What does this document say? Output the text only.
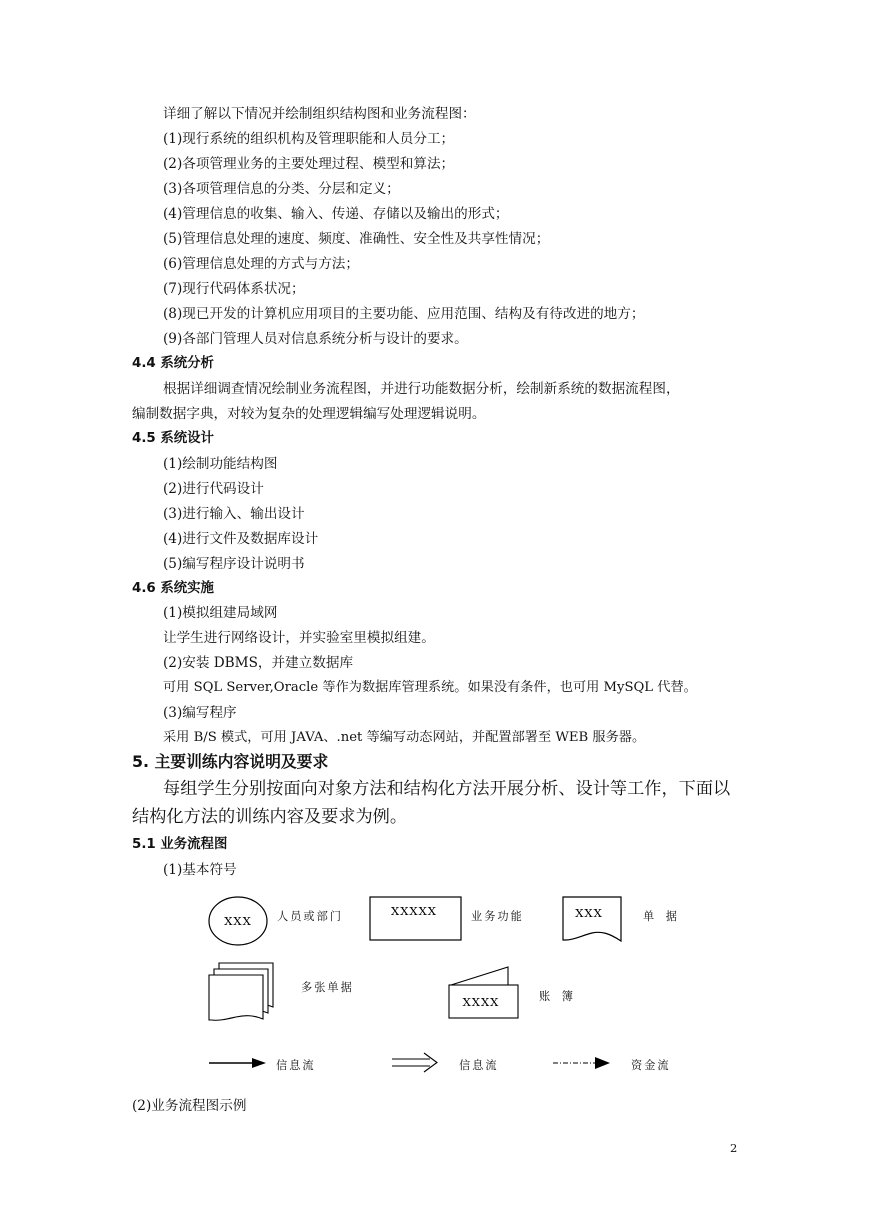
详细了解以下情况并绘制组织结构图和业务流程图：
(1)现行系统的组织机构及管理职能和人员分工；
(2)各项管理业务的主要处理过程、模型和算法；
(3)各项管理信息的分类、分层和定义；
(4)管理信息的收集、输入、传递、存储以及输出的形式；
(5)管理信息处理的速度、频度、准确性、安全性及共享性情况；
(6)管理信息处理的方式与方法；
(7)现行代码体系状况；
(8)现已开发的计算机应用项目的主要功能、应用范围、结构及有待改进的地方；
(9)各部门管理人员对信息系统分析与设计的要求。
4.4 系统分析
根据详细调查情况绘制业务流程图，并进行功能数据分析，绘制新系统的数据流程图，
编制数据字典，对较为复杂的处理逻辑编写处理逻辑说明。
4.5 系统设计
(1)绘制功能结构图
(2)进行代码设计
(3)进行输入、输出设计
(4)进行文件及数据库设计
(5)编写程序设计说明书
4.6 系统实施
(1)模拟组建局域网
让学生进行网络设计，并实验室里模拟组建。
(2)安装 DBMS，并建立数据库
可用 SQL Server,Oracle 等作为数据库管理系统。如果没有条件，也可用 MySQL 代替。
(3)编写程序
采用 B/S 模式，可用 JAVA、.net 等编写动态网站，并配置部署至 WEB 服务器。
5. 主要训练内容说明及要求
每组学生分别按面向对象方法和结构化方法开展分析、设计等工作，下面以
结构化方法的训练内容及要求为例。
5.1 业务流程图
(1)基本符号
XXX
XXXXX	XXX
XXXX
人员或部门	业务功能	单 据
多张单据
账 簿
信息流	信息流	资金流
(2)业务流程图示例
2
